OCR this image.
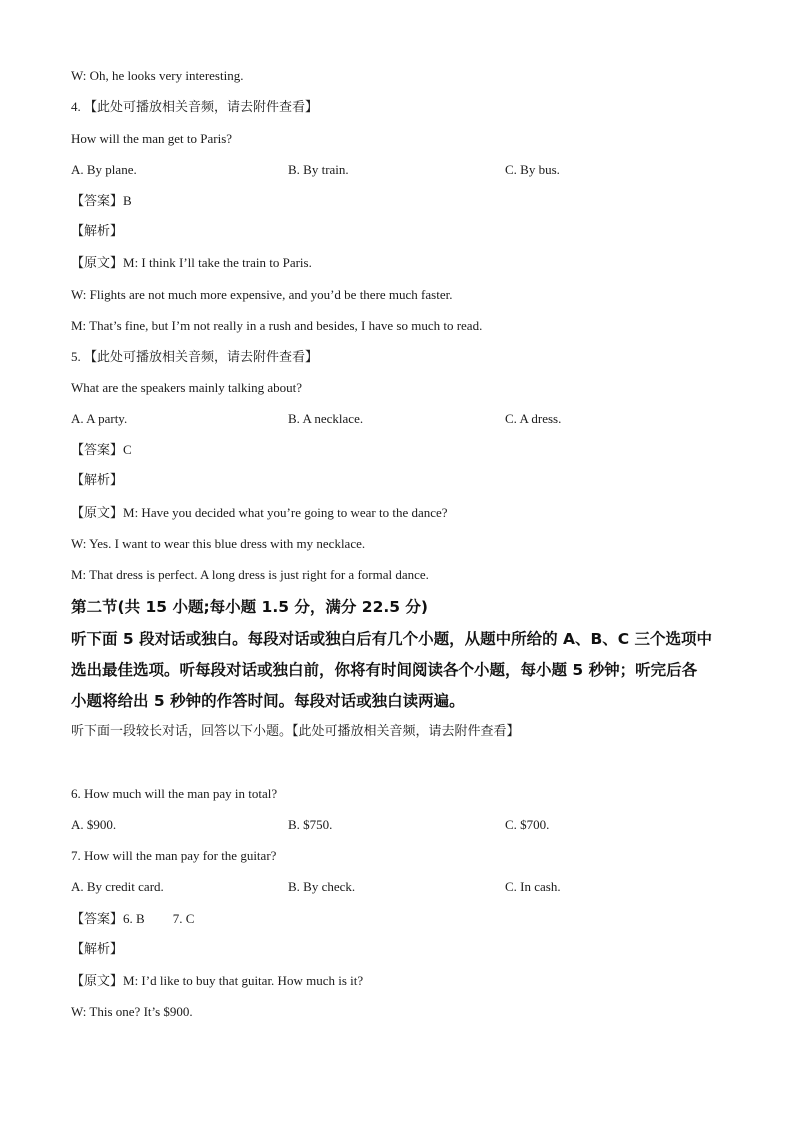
W: Oh, he looks very interesting.
4. 【此处可播放相关音频，请去附件查看】
How will the man get to Paris?
A. By plane.	B. By train.	C. By bus.
【答案】B
【解析】
【原文】M: I think I’ll take the train to Paris.
W: Flights are not much more expensive, and you’d be there much faster.
M: That’s fine, but I’m not really in a rush and besides, I have so much to read.
5. 【此处可播放相关音频，请去附件查看】
What are the speakers mainly talking about?
A. A party.	B. A necklace.	C. A dress.
【答案】C
【解析】
【原文】M: Have you decided what you’re going to wear to the dance?
W: Yes. I want to wear this blue dress with my necklace.
M: That dress is perfect. A long dress is just right for a formal dance.
第二节(共 15 小题;每小题 1.5 分，满分 22.5 分)
听下面 5 段对话或独白。每段对话或独白后有几个小题，从题中所给的 A、B、C 三个选项中
选出最佳选项。听每段对话或独白前，你将有时间阅读各个小题，每小题 5 秒钟；听完后各
小题将给出 5 秒钟的作答时间。每段对话或独白读两遍。
听下面一段较长对话，回答以下小题。【此处可播放相关音频，请去附件查看】
6. How much will the man pay in total?
A. $900.	B. $750.	C. $700.
7. How will the man pay for the guitar?
A. By credit card.	B. By check.	C. In cash.
【答案】6. B 7. C
【解析】
【原文】M: I’d like to buy that guitar. How much is it?
W: This one? It’s $900.
